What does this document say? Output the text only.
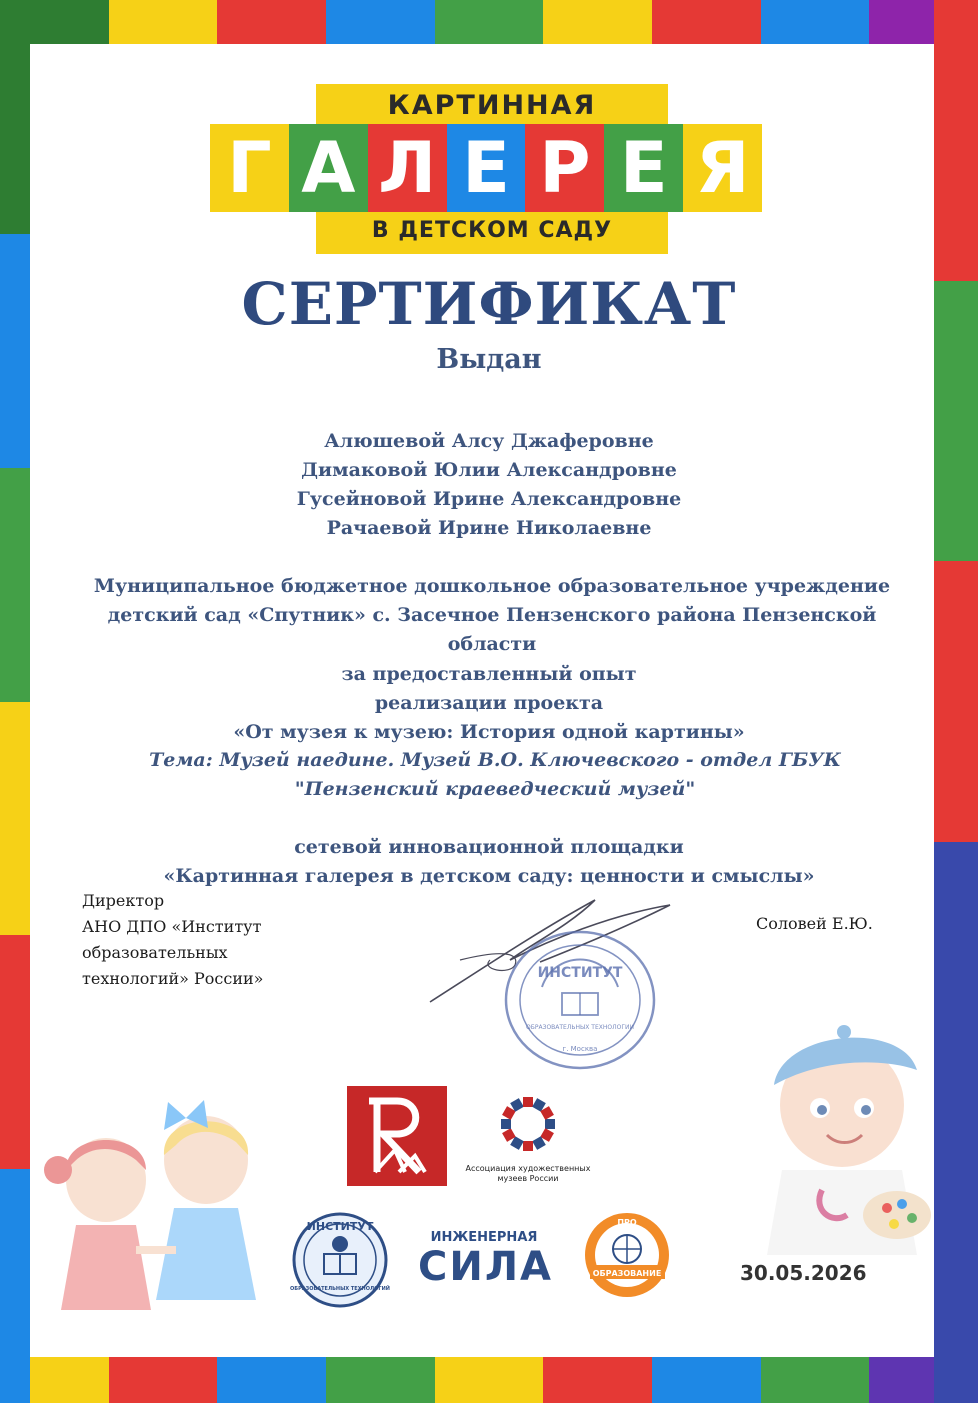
КАРТИННАЯ
Г А Л Е Р Е Я
В ДЕТСКОМ САДУ
СЕРТИФИКАТ
Выдан
Алюшевой Алсу Джаферовне
Димаковой Юлии Александровне
Гусейновой Ирине Александровне
Рачаевой Ирине Николаевне
Муниципальное бюджетное дошкольное образовательное учреждение детский сад «Спутник» с. Засечное Пензенского района Пензенской области
за предоставленный опыт
реализации проекта
«От музея к музею: История одной картины»
Тема: Музей наедине. Музей В.О. Ключевского - отдел ГБУК "Пензенский краеведческий музей"
сетевой инновационной площадки
«Картинная галерея в детском саду: ценности и смыслы»
Директор
АНО ДПО «Институт
образовательных
технологий» России»
Соловей Е.Ю.
ИНСТИТУТ
ОБРАЗОВАТЕЛЬНЫХ ТЕХНОЛОГИЙ
г. Москва
Ассоциация художественных музеев России
ИНСТИТУТ
ОБРАЗОВАТЕЛЬНЫХ ТЕХНОЛОГИЙ
ИНЖЕНЕРНАЯ
СИЛА
ПРО
ОБРАЗОВАНИЕ	30.05.2026
